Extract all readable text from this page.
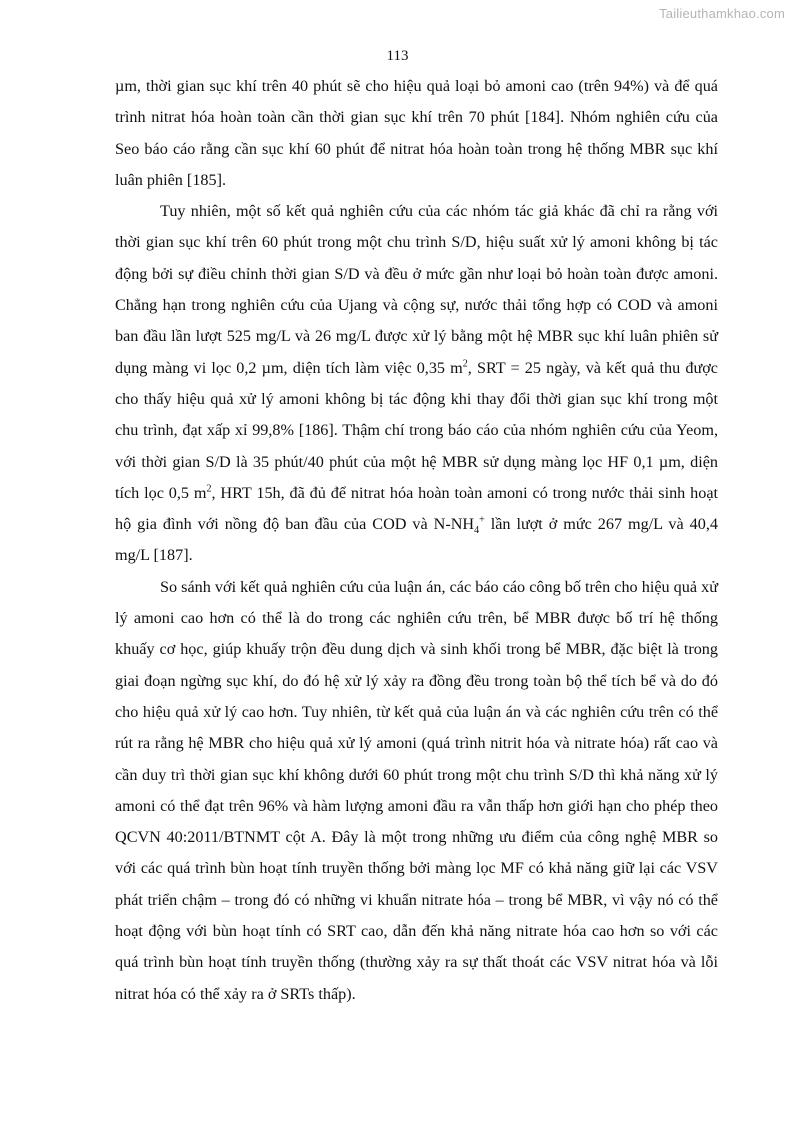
Tailieuthamkhao.com
113

µm, thời gian sục khí trên 40 phút sẽ cho hiệu quả loại bỏ amoni cao (trên 94%) và để quá trình nitrat hóa hoàn toàn cần thời gian sục khí trên 70 phút [184]. Nhóm nghiên cứu của Seo báo cáo rằng cần sục khí 60 phút để nitrat hóa hoàn toàn trong hệ thống MBR sục khí luân phiên [185].

Tuy nhiên, một số kết quả nghiên cứu của các nhóm tác giả khác đã chỉ ra rằng với thời gian sục khí trên 60 phút trong một chu trình S/D, hiệu suất xử lý amoni không bị tác động bởi sự điều chỉnh thời gian S/D và đều ở mức gần như loại bỏ hoàn toàn được amoni. Chẳng hạn trong nghiên cứu của Ujang và cộng sự, nước thải tổng hợp có COD và amoni ban đầu lần lượt 525 mg/L và 26 mg/L được xử lý bằng một hệ MBR sục khí luân phiên sử dụng màng vi lọc 0,2 µm, diện tích làm việc 0,35 $m^2$, SRT = 25 ngày, và kết quả thu được cho thấy hiệu quả xử lý amoni không bị tác động khi thay đổi thời gian sục khí trong một chu trình, đạt xấp xỉ 99,8% [186]. Thậm chí trong báo cáo của nhóm nghiên cứu của Yeom, với thời gian S/D là 35 phút/40 phút của một hệ MBR sử dụng màng lọc HF 0,1 µm, diện tích lọc 0,5 $m^2$, HRT 15h, đã đủ để nitrat hóa hoàn toàn amoni có trong nước thải sinh hoạt hộ gia đình với nồng độ ban đầu của COD và $N-NH_4^+$ lần lượt ở mức 267 mg/L và 40,4 mg/L [187].

So sánh với kết quả nghiên cứu của luận án, các báo cáo công bố trên cho hiệu quả xử lý amoni cao hơn có thể là do trong các nghiên cứu trên, bể MBR được bố trí hệ thống khuấy cơ học, giúp khuấy trộn đều dung dịch và sinh khối trong bể MBR, đặc biệt là trong giai đoạn ngừng sục khí, do đó hệ xử lý xảy ra đồng đều trong toàn bộ thể tích bể và do đó cho hiệu quả xử lý cao hơn. Tuy nhiên, từ kết quả của luận án và các nghiên cứu trên có thể rút ra rằng hệ MBR cho hiệu quả xử lý amoni (quá trình nitrit hóa và nitrate hóa) rất cao và cần duy trì thời gian sục khí không dưới 60 phút trong một chu trình S/D thì khả năng xử lý amoni có thể đạt trên 96% và hàm lượng amoni đầu ra vẫn thấp hơn giới hạn cho phép theo QCVN 40:2011/BTNMT cột A. Đây là một trong những ưu điểm của công nghệ MBR so với các quá trình bùn hoạt tính truyền thống bởi màng lọc MF có khả năng giữ lại các VSV phát triển chậm – trong đó có những vi khuẩn nitrate hóa – trong bể MBR, vì vậy nó có thể hoạt động với bùn hoạt tính có SRT cao, dẫn đến khả năng nitrate hóa cao hơn so với các quá trình bùn hoạt tính truyền thống (thường xảy ra sự thất thoát các VSV nitrat hóa và lỗi nitrat hóa có thể xảy ra ở SRTs thấp).
